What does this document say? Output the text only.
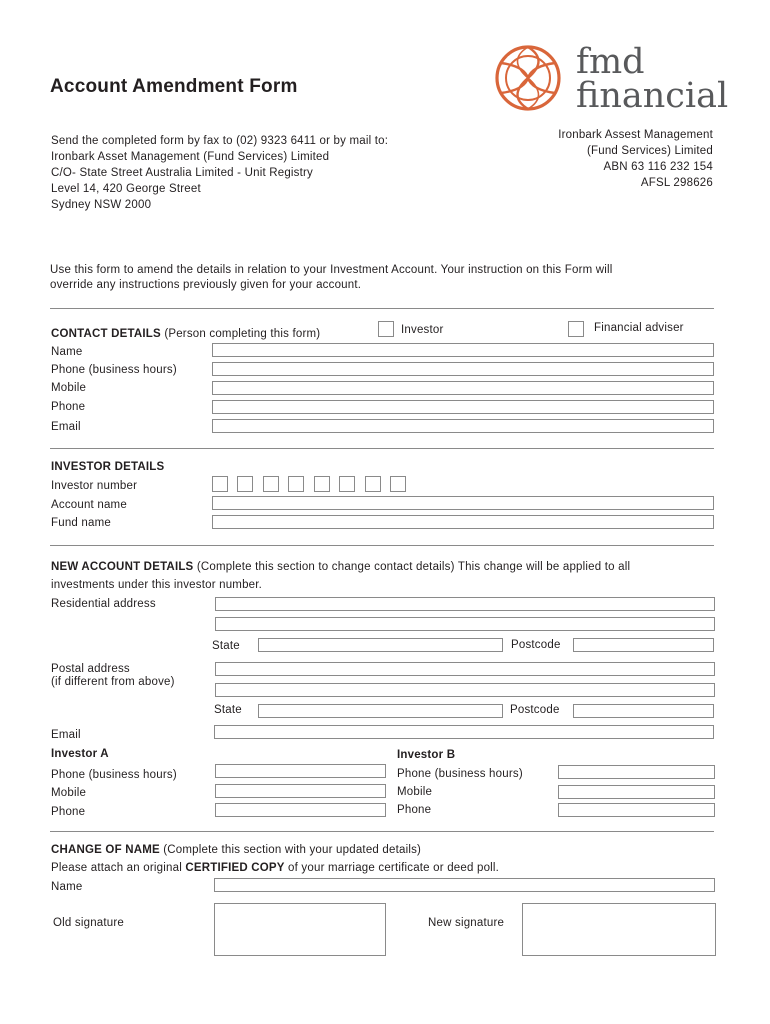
Account Amendment Form
fmd
financial
Send the completed form by fax to (02) 9323 6411 or by mail to:
Ironbark Asset Management (Fund Services) Limited
C/O- State Street Australia Limited - Unit Registry
Level 14, 420 George Street
Sydney NSW 2000
Ironbark Assest Management
(Fund Services) Limited
ABN 63 116 232 154
AFSL 298626
Use this form to amend the details in relation to your Investment Account. Your instruction on this Form will
override any instructions previously given for your account.
CONTACT DETAILS (Person completing this form)	Investor	Financial adviser
Name
Phone (business hours)
Mobile
Phone
Email
INVESTOR DETAILS
Investor number
Account name
Fund name
NEW ACCOUNT DETAILS (Complete this section to change contact details) This change will be applied to all
investments under this investor number.
Residential address
State	Postcode
Postal address
(if different from above)
State	Postcode
Email
Investor A	Investor B
Phone (business hours)
Mobile
Phone
Phone (business hours)
Mobile
Phone
CHANGE OF NAME (Complete this section with your updated details)
Please attach an original CERTIFIED COPY of your marriage certificate or deed poll.
Name
Old signature	New signature
